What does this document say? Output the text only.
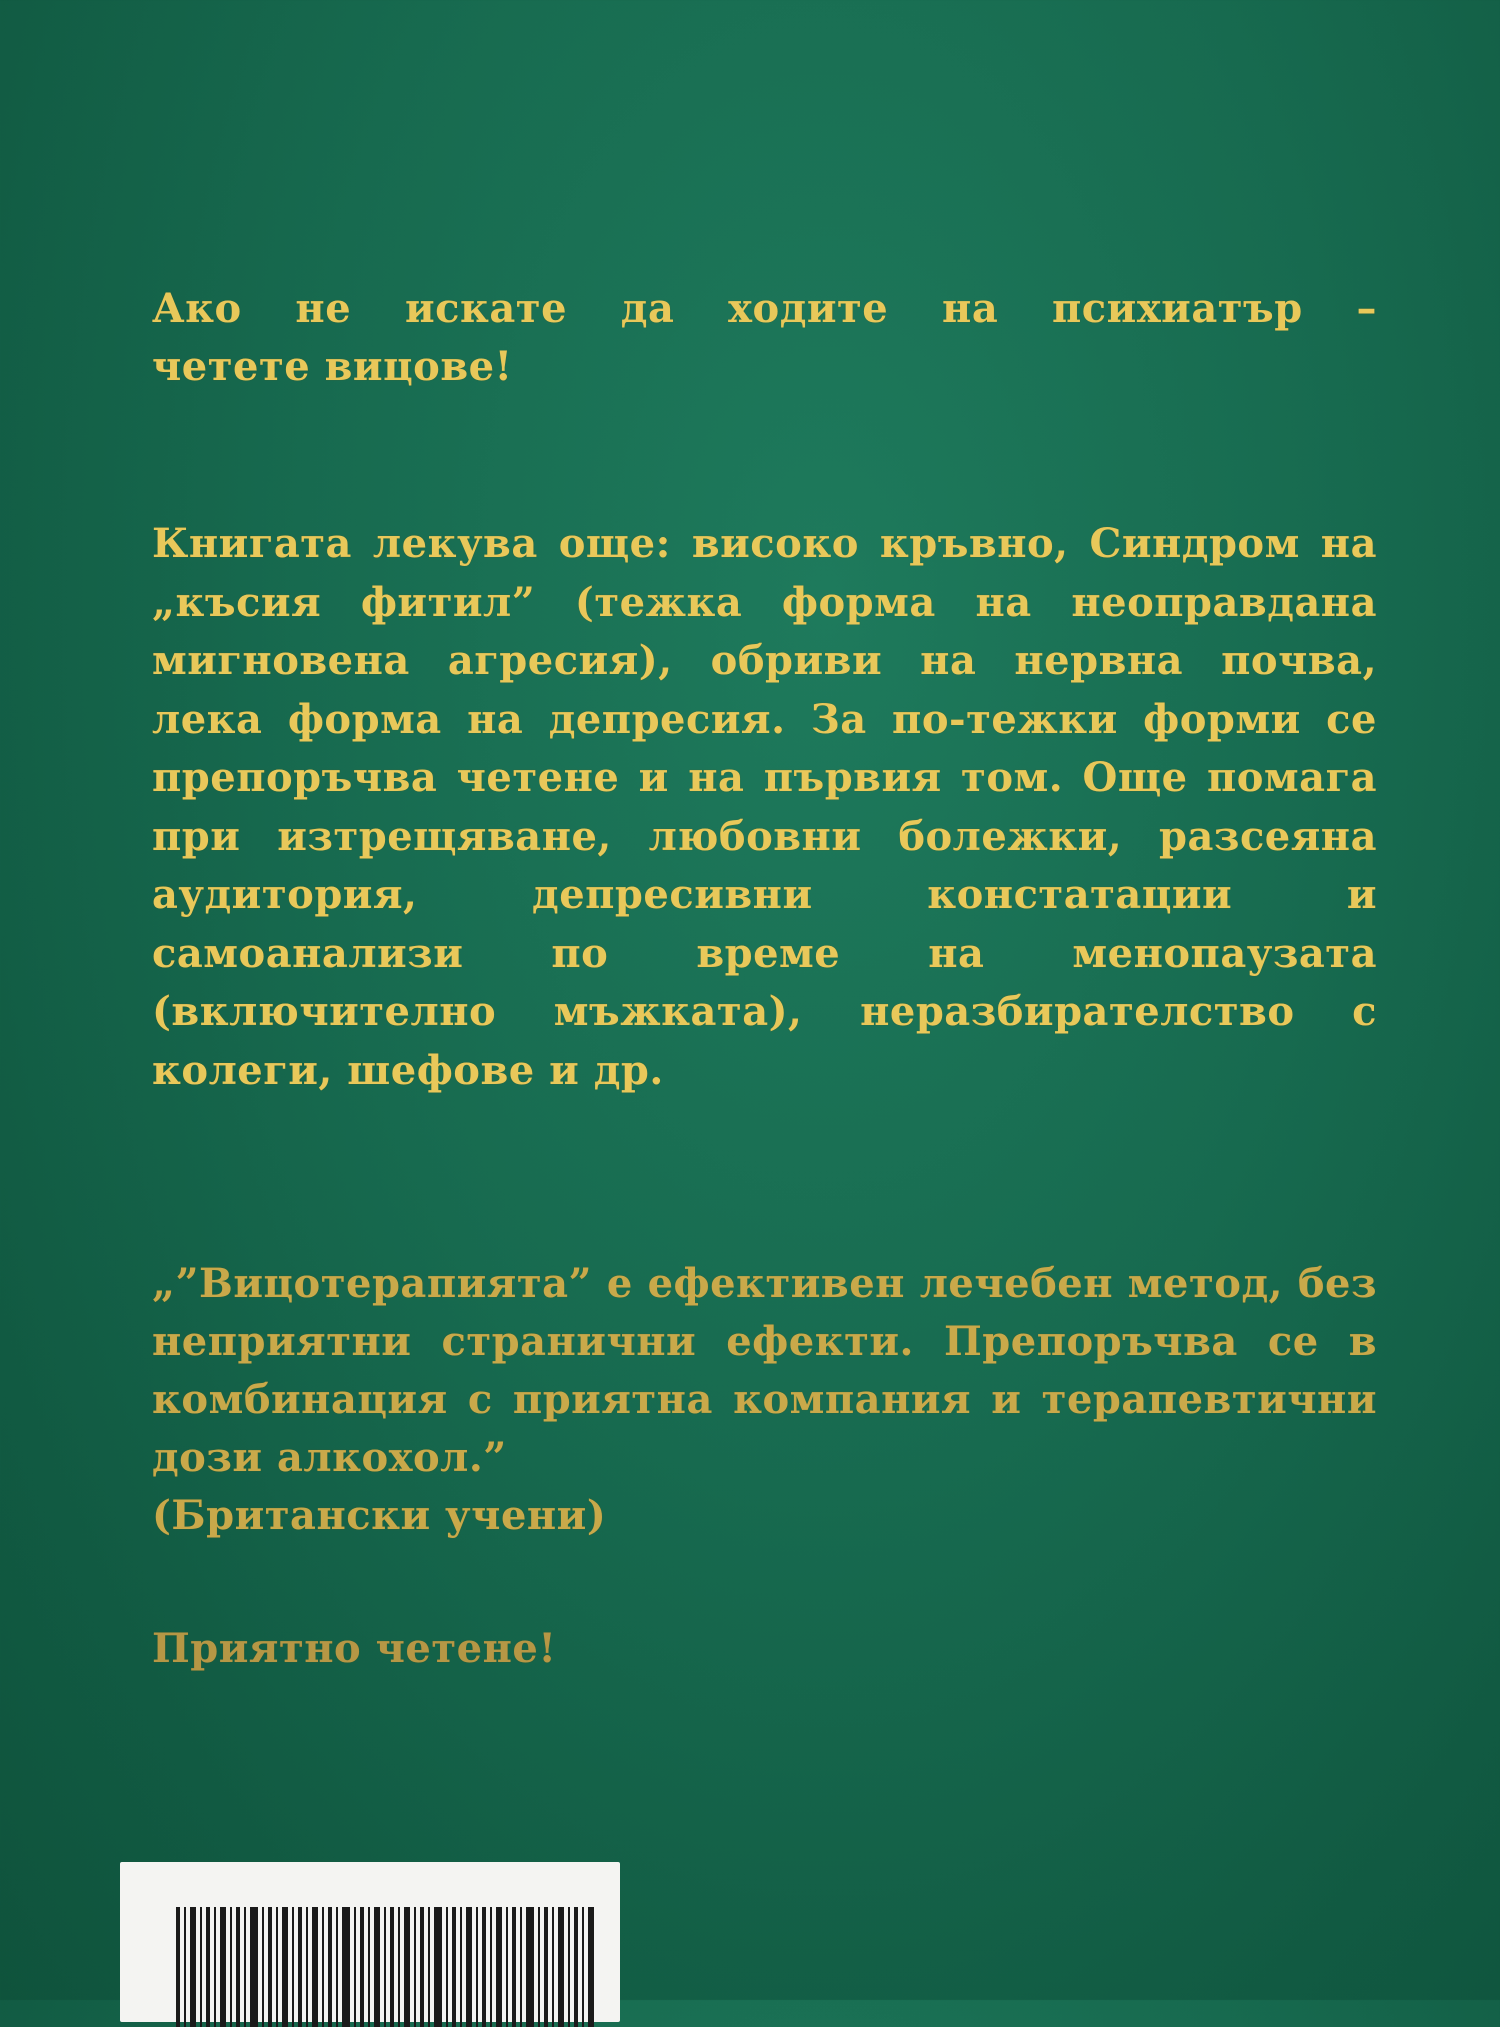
Ако не искате да ходите на психиатър –
четете вицове!

Книгата лекува още: високо кръвно, Синдром на „късия фитил” (тежка форма на неоправдана мигновена агресия), обриви на нервна почва, лека форма на депресия. За по-тежки форми се препоръчва четене и на първия том. Още помага при изтрещяване, любовни болежки, разсеяна аудитория, депресивни констатации и самоанализи по време на менопаузата (включително мъжката), неразбирателство с колеги, шефове и др.

„”Вицотерапията” е ефективен лечебен метод, без неприятни странични ефекти. Препоръчва се в комбинация с приятна компания и терапевтични дози алкохол.”

(Британски учени)

Приятно четене!
